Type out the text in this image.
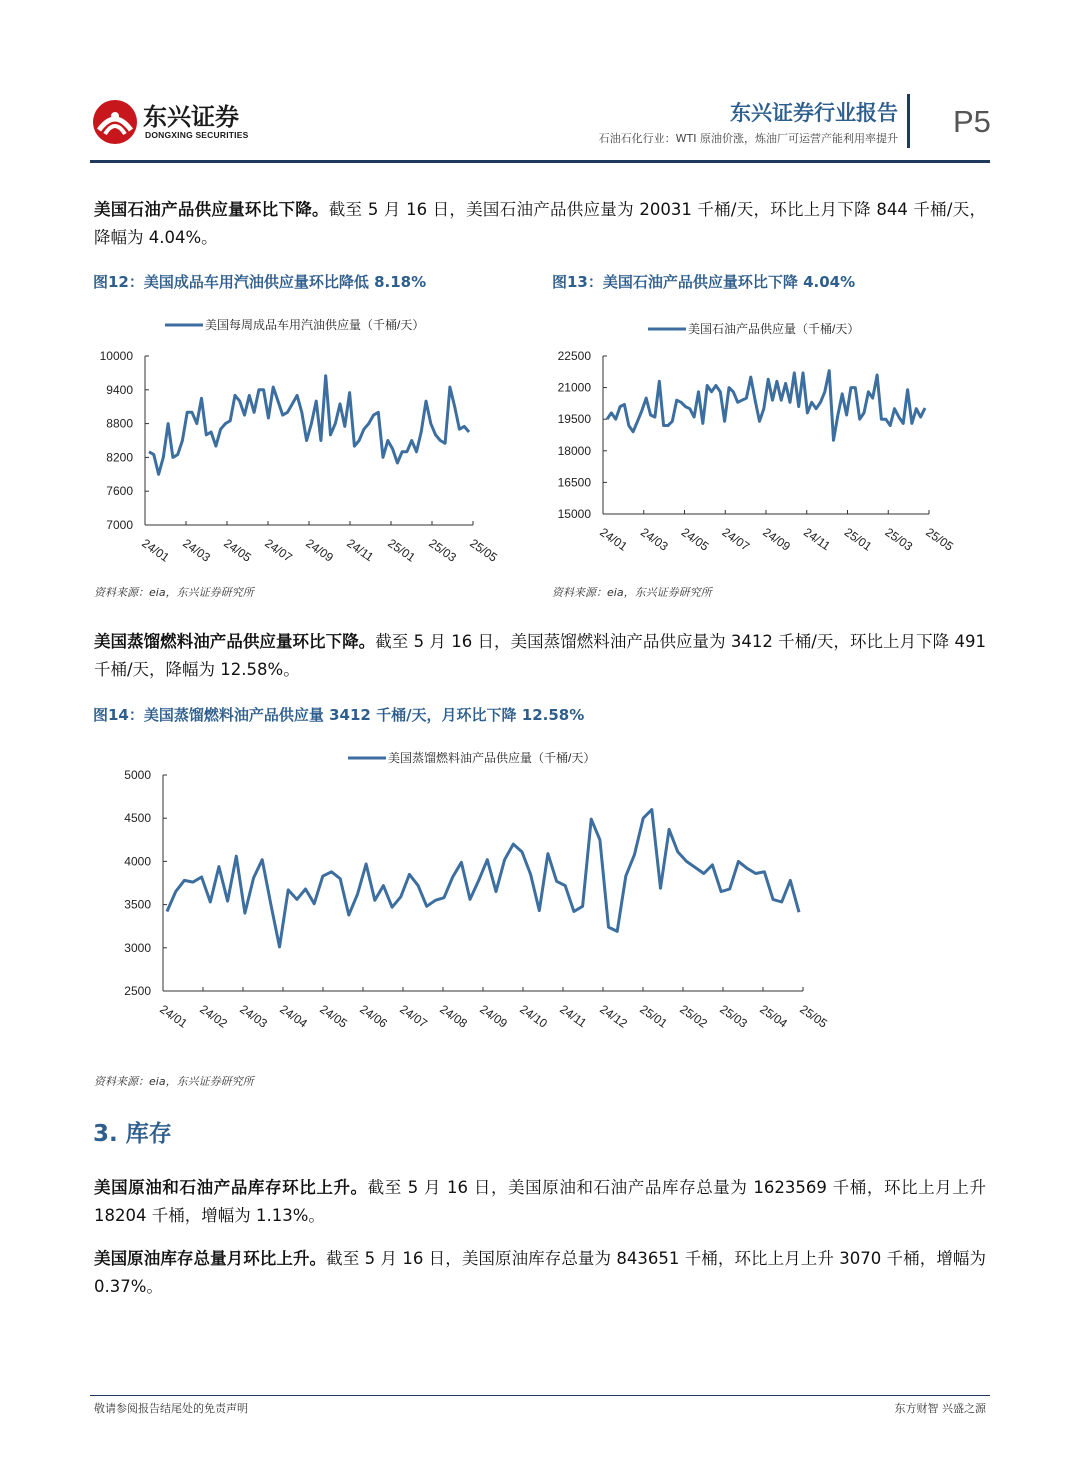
东兴证券
DONGXING SECURITIES
东兴证券行业报告
石油石化行业：WTI 原油价涨，炼油厂可运营产能利用率提升 P5
美国石油产品供应量环比下降。截至 5 月 16 日，美国石油产品供应量为 20031 千桶/天，环比上月下降 844 千桶/天，降幅为 4.04%。
图12：美国成品车用汽油供应量环比降低 8.18%
美国每周成品车用汽油供应量（千桶/天）
7000
7600
8200
8800
9400
10000
24/01 24/03 24/05 24/07 24/09 24/11 25/01 25/03 25/05
资料来源：eia，东兴证券研究所
图13：美国石油产品供应量环比下降 4.04%
美国石油产品供应量（千桶/天）
15000
16500
18000
19500
21000
22500
24/01 24/03 24/05 24/07 24/09 24/11 25/01 25/03 25/05
资料来源：eia，东兴证券研究所
美国蒸馏燃料油产品供应量环比下降。截至 5 月 16 日，美国蒸馏燃料油产品供应量为 3412 千桶/天，环比上月下降 491 千桶/天，降幅为 12.58%。
图14：美国蒸馏燃料油产品供应量 3412 千桶/天，月环比下降 12.58%
美国蒸馏燃料油产品供应量（千桶/天）
2500
3000
3500
4000
4500
5000
24/01 24/02 24/03 24/04 24/05 24/06 24/07 24/08 24/09 24/10 24/11 24/12 25/01 25/02 25/03 25/04 25/05
资料来源：eia，东兴证券研究所
3. 库存
美国原油和石油产品库存环比上升。截至 5 月 16 日，美国原油和石油产品库存总量为 1623569 千桶，环比上月上升 18204 千桶，增幅为 1.13%。
美国原油库存总量月环比上升。截至 5 月 16 日，美国原油库存总量为 843651 千桶，环比上月上升 3070 千桶，增幅为 0.37%。
敬请参阅报告结尾处的免责声明	东方财智 兴盛之源
